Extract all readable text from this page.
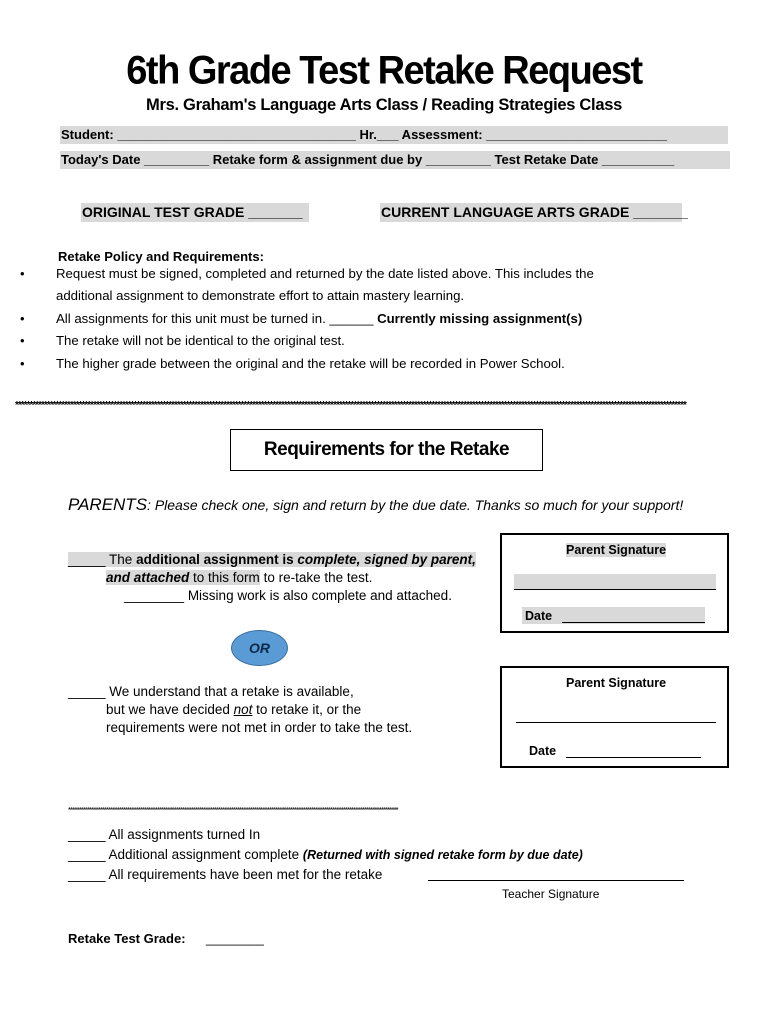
6th Grade Test Retake Request
Mrs. Graham's Language Arts Class / Reading Strategies Class
Student: _________________________________ Hr.___ Assessment: _________________________
Today's Date _________ Retake form & assignment due by _________ Test Retake Date __________
ORIGINAL TEST GRADE _______	CURRENT LANGUAGE ARTS GRADE _______
Retake Policy and Requirements:
• Request must be signed, completed and returned by the date listed above. This includes the
additional assignment to demonstrate effort to attain mastery learning.
• All assignments for this unit must be turned in. ______ Currently missing assignment(s)
• The retake will not be identical to the original test.
• The higher grade between the original and the retake will be recorded in Power School.
****************************************************************************************************************************************************************************************************************************************
Requirements for the Retake
PARENTS: Please check one, sign and return by the due date. Thanks so much for your support!
_____ The additional assignment is complete, signed by parent,
and attached to this form to re-take the test.
________ Missing work is also complete and attached.
Parent Signature
Date
OR
_____ We understand that a retake is available,
but we have decided not to retake it, or the
requirements were not met in order to take the test.
Parent Signature
Date
************************************************************************************************************************************************************
_____ All assignments turned In
_____ Additional assignment complete (Returned with signed retake form by due date)
_____ All requirements have been met for the retake
Teacher Signature
Retake Test Grade: ________
